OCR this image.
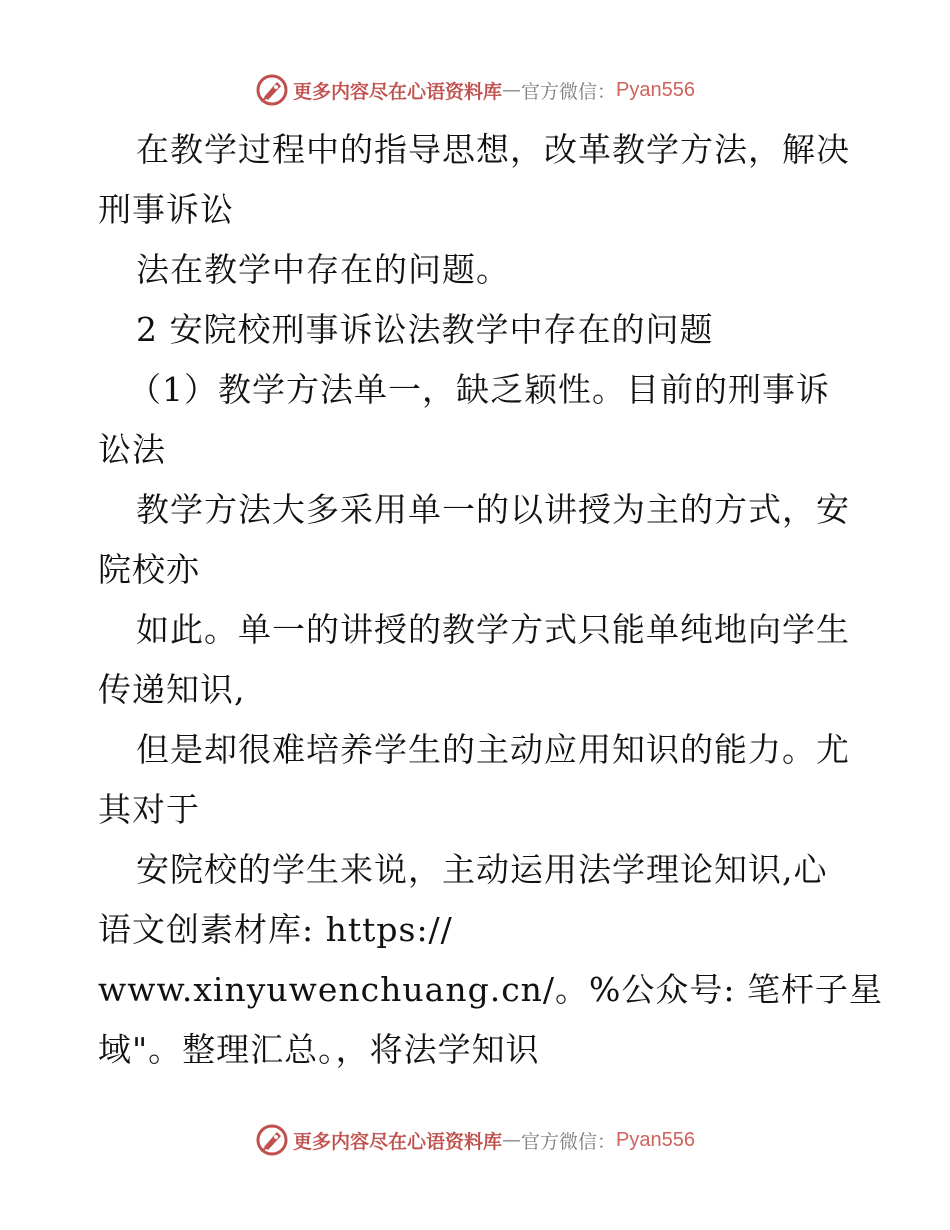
更多内容尽在心语资料库 — 官方微信： Pyan556
在教学过程中的指导思想，改革教学方法，解决
刑事诉讼
法在教学中存在的问题。
2 安院校刑事诉讼法教学中存在的问题
（1）教学方法单一，缺乏颖性。目前的刑事诉
讼法
教学方法大多采用单一的以讲授为主的方式，安
院校亦
如此。单一的讲授的教学方式只能单纯地向学生
传递知识,
但是却很难培养学生的主动应用知识的能力。尤
其对于
安院校的学生来说，主动运用法学理论知识,心
语文创素材库: https://
www.xinyuwenchuang.cn/。%公众号: 笔杆子星
域"。整理汇总。，将法学知识
更多内容尽在心语资料库 — 官方微信： Pyan556
